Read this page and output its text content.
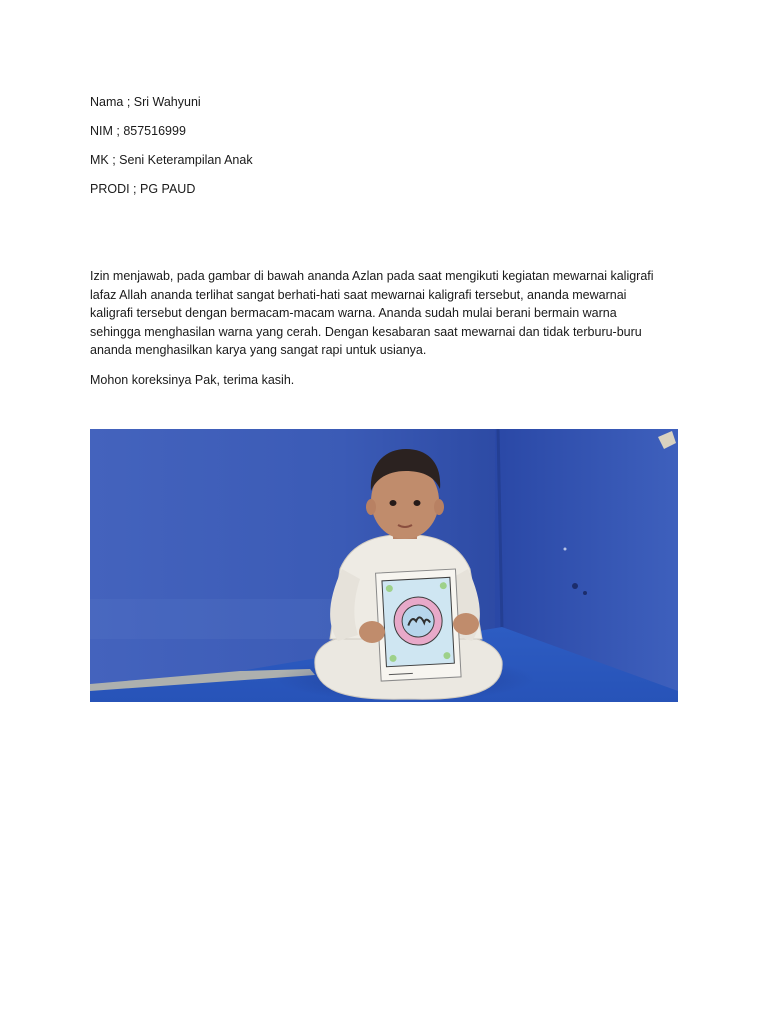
Nama ; Sri Wahyuni
NIM ; 857516999
MK ; Seni Keterampilan Anak
PRODI ; PG PAUD
Izin menjawab, pada gambar di bawah ananda Azlan pada saat mengikuti kegiatan mewarnai kaligrafi
lafaz Allah ananda terlihat sangat berhati-hati saat mewarnai kaligrafi tersebut, ananda mewarnai
kaligrafi tersebut dengan bermacam-macam warna. Ananda sudah mulai berani bermain warna
sehingga menghasilan warna yang cerah. Dengan kesabaran saat mewarnai dan tidak terburu-buru
ananda menghasilkan karya yang sangat rapi untuk usianya.
Mohon koreksinya Pak, terima kasih.
